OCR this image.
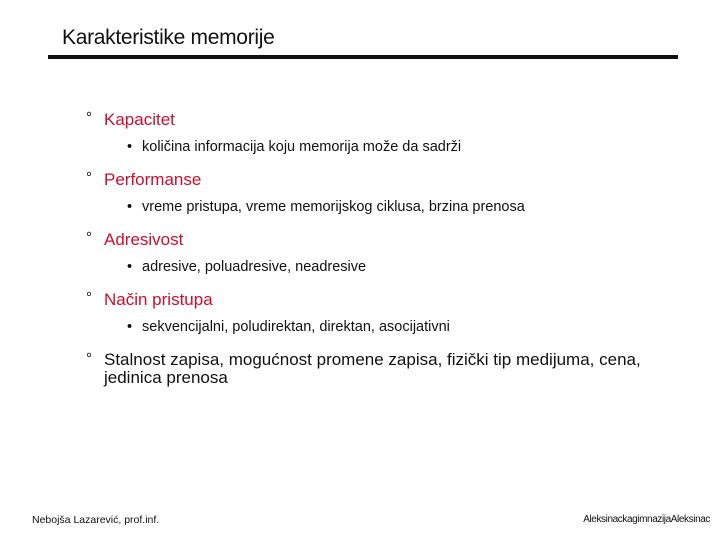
Karakteristike memorije
° Kapacitet
• količina informacija koju memorija može da sadrži
° Performanse
• vreme pristupa, vreme memorijskog ciklusa, brzina prenosa
° Adresivost
• adresive, poluadresive, neadresive
° Način pristupa
• sekvencijalni, poludirektan, direktan, asocijativni
° Stalnost zapisa, mogućnost promene zapisa, fizički tip medijuma, cena, jedinica prenosa
Nebojša Lazarević, prof.inf.	AleksinackagimnazijaAleksinac
